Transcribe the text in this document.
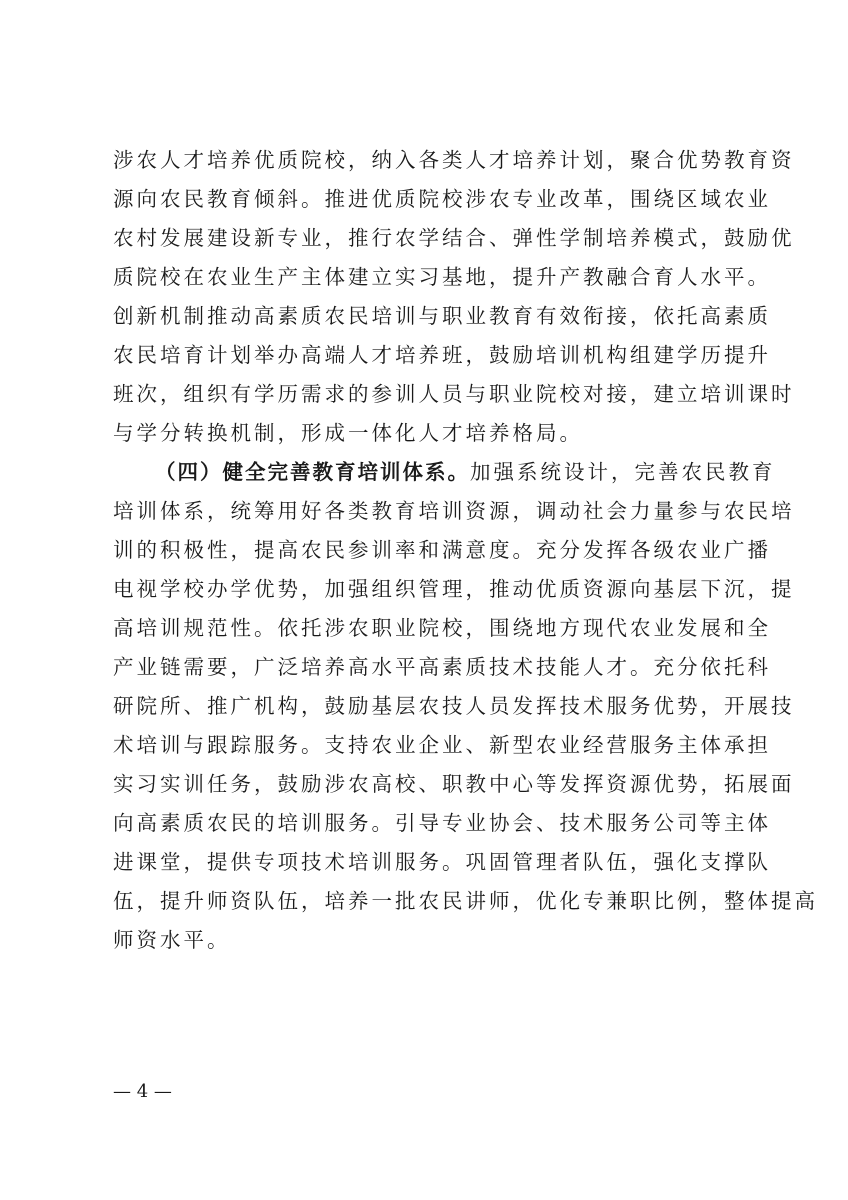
涉农人才培养优质院校，纳入各类人才培养计划，聚合优势教育资
源向农民教育倾斜。推进优质院校涉农专业改革，围绕区域农业
农村发展建设新专业，推行农学结合、弹性学制培养模式，鼓励优
质院校在农业生产主体建立实习基地，提升产教融合育人水平。
创新机制推动高素质农民培训与职业教育有效衔接，依托高素质
农民培育计划举办高端人才培养班，鼓励培训机构组建学历提升
班次，组织有学历需求的参训人员与职业院校对接，建立培训课时
与学分转换机制，形成一体化人才培养格局。
（四）健全完善教育培训体系。加强系统设计，完善农民教育
培训体系，统筹用好各类教育培训资源，调动社会力量参与农民培
训的积极性，提高农民参训率和满意度。充分发挥各级农业广播
电视学校办学优势，加强组织管理，推动优质资源向基层下沉，提
高培训规范性。依托涉农职业院校，围绕地方现代农业发展和全
产业链需要，广泛培养高水平高素质技术技能人才。充分依托科
研院所、推广机构，鼓励基层农技人员发挥技术服务优势，开展技
术培训与跟踪服务。支持农业企业、新型农业经营服务主体承担
实习实训任务，鼓励涉农高校、职教中心等发挥资源优势，拓展面
向高素质农民的培训服务。引导专业协会、技术服务公司等主体
进课堂，提供专项技术培训服务。巩固管理者队伍，强化支撑队
伍，提升师资队伍，培养一批农民讲师，优化专兼职比例，整体提高
师资水平。
— 4 —
